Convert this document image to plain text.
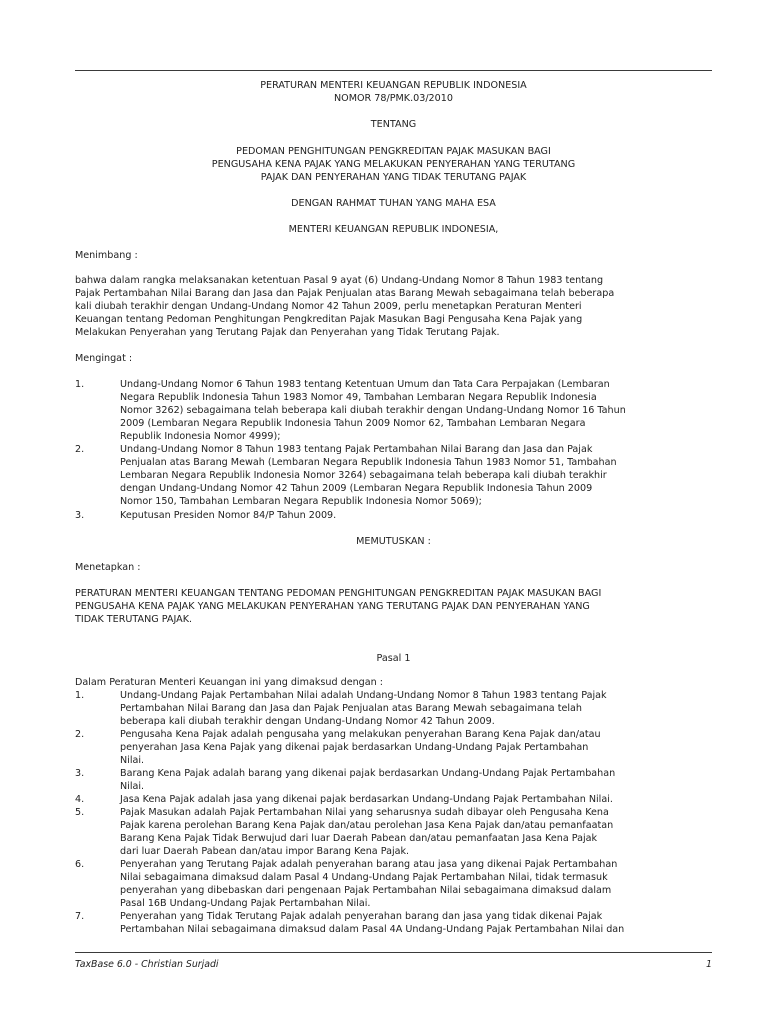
PERATURAN MENTERI KEUANGAN REPUBLIK INDONESIA
NOMOR 78/PMK.03/2010
TENTANG
PEDOMAN PENGHITUNGAN PENGKREDITAN PAJAK MASUKAN BAGI
PENGUSAHA KENA PAJAK YANG MELAKUKAN PENYERAHAN YANG TERUTANG
PAJAK DAN PENYERAHAN YANG TIDAK TERUTANG PAJAK
DENGAN RAHMAT TUHAN YANG MAHA ESA
MENTERI KEUANGAN REPUBLIK INDONESIA,
Menimbang :
bahwa dalam rangka melaksanakan ketentuan Pasal 9 ayat (6) Undang-Undang Nomor 8 Tahun 1983 tentang
Pajak Pertambahan Nilai Barang dan Jasa dan Pajak Penjualan atas Barang Mewah sebagaimana telah beberapa
kali diubah terakhir dengan Undang-Undang Nomor 42 Tahun 2009, perlu menetapkan Peraturan Menteri
Keuangan tentang Pedoman Penghitungan Pengkreditan Pajak Masukan Bagi Pengusaha Kena Pajak yang
Melakukan Penyerahan yang Terutang Pajak dan Penyerahan yang Tidak Terutang Pajak.
Mengingat :
1.	Undang-Undang Nomor 6 Tahun 1983 tentang Ketentuan Umum dan Tata Cara Perpajakan (Lembaran
Negara Republik Indonesia Tahun 1983 Nomor 49, Tambahan Lembaran Negara Republik Indonesia
Nomor 3262) sebagaimana telah beberapa kali diubah terakhir dengan Undang-Undang Nomor 16 Tahun
2009 (Lembaran Negara Republik Indonesia Tahun 2009 Nomor 62, Tambahan Lembaran Negara
Republik Indonesia Nomor 4999);
2.	Undang-Undang Nomor 8 Tahun 1983 tentang Pajak Pertambahan Nilai Barang dan Jasa dan Pajak
Penjualan atas Barang Mewah (Lembaran Negara Republik Indonesia Tahun 1983 Nomor 51, Tambahan
Lembaran Negara Republik Indonesia Nomor 3264) sebagaimana telah beberapa kali diubah terakhir
dengan Undang-Undang Nomor 42 Tahun 2009 (Lembaran Negara Republik Indonesia Tahun 2009
Nomor 150, Tambahan Lembaran Negara Republik Indonesia Nomor 5069);
3.	Keputusan Presiden Nomor 84/P Tahun 2009.
MEMUTUSKAN :
Menetapkan :
PERATURAN MENTERI KEUANGAN TENTANG PEDOMAN PENGHITUNGAN PENGKREDITAN PAJAK MASUKAN BAGI
PENGUSAHA KENA PAJAK YANG MELAKUKAN PENYERAHAN YANG TERUTANG PAJAK DAN PENYERAHAN YANG
TIDAK TERUTANG PAJAK.
Pasal 1
Dalam Peraturan Menteri Keuangan ini yang dimaksud dengan :
1.	Undang-Undang Pajak Pertambahan Nilai adalah Undang-Undang Nomor 8 Tahun 1983 tentang Pajak
Pertambahan Nilai Barang dan Jasa dan Pajak Penjualan atas Barang Mewah sebagaimana telah
beberapa kali diubah terakhir dengan Undang-Undang Nomor 42 Tahun 2009.
2.	Pengusaha Kena Pajak adalah pengusaha yang melakukan penyerahan Barang Kena Pajak dan/atau
penyerahan Jasa Kena Pajak yang dikenai pajak berdasarkan Undang-Undang Pajak Pertambahan
Nilai.
3.	Barang Kena Pajak adalah barang yang dikenai pajak berdasarkan Undang-Undang Pajak Pertambahan
Nilai.
4.	Jasa Kena Pajak adalah jasa yang dikenai pajak berdasarkan Undang-Undang Pajak Pertambahan Nilai.
5.	Pajak Masukan adalah Pajak Pertambahan Nilai yang seharusnya sudah dibayar oleh Pengusaha Kena
Pajak karena perolehan Barang Kena Pajak dan/atau perolehan Jasa Kena Pajak dan/atau pemanfaatan
Barang Kena Pajak Tidak Berwujud dari luar Daerah Pabean dan/atau pemanfaatan Jasa Kena Pajak
dari luar Daerah Pabean dan/atau impor Barang Kena Pajak.
6.	Penyerahan yang Terutang Pajak adalah penyerahan barang atau jasa yang dikenai Pajak Pertambahan
Nilai sebagaimana dimaksud dalam Pasal 4 Undang-Undang Pajak Pertambahan Nilai, tidak termasuk
penyerahan yang dibebaskan dari pengenaan Pajak Pertambahan Nilai sebagaimana dimaksud dalam
Pasal 16B Undang-Undang Pajak Pertambahan Nilai.
7.	Penyerahan yang Tidak Terutang Pajak adalah penyerahan barang dan jasa yang tidak dikenai Pajak
Pertambahan Nilai sebagaimana dimaksud dalam Pasal 4A Undang-Undang Pajak Pertambahan Nilai dan
TaxBase 6.0 - Christian Surjadi	1
